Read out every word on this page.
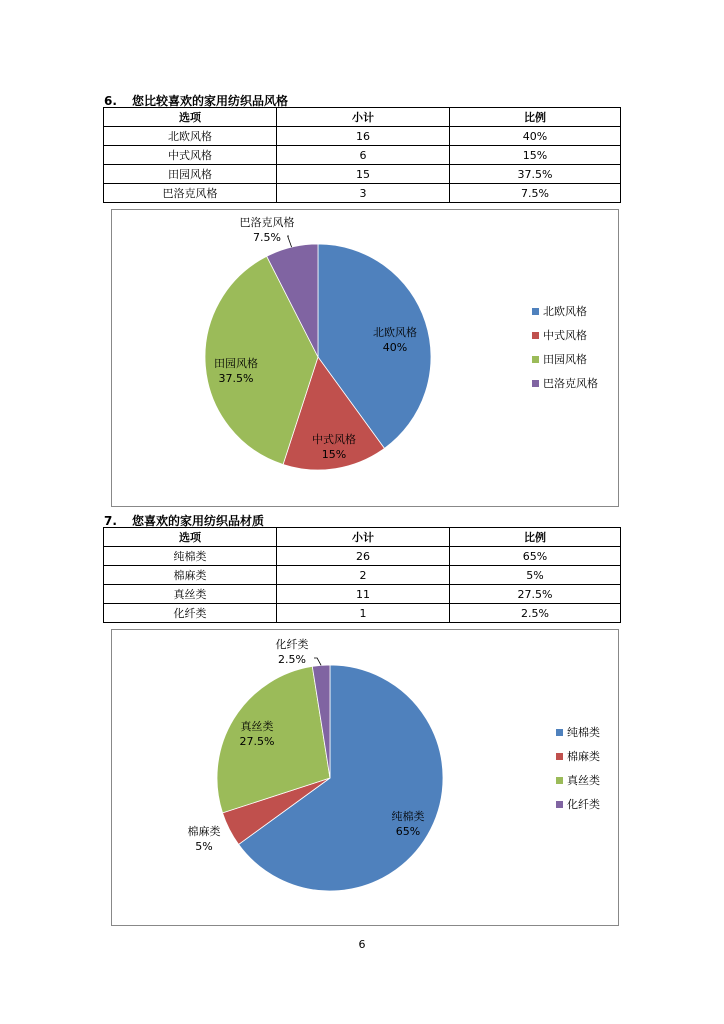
6. 您比较喜欢的家用纺织品风格
选项	小计	比例
北欧风格	16	40%
中式风格	6	15%
田园风格	15	37.5%
巴洛克风格	3	7.5%
北欧风格
40%
北欧风格
中式风格
15%
中式风格
田园风格
37.5%
田园风格
巴洛克风格
7.5%
巴洛克风格
7. 您喜欢的家用纺织品材质
选项	小计	比例
纯棉类	26	65%
棉麻类	2	5%
真丝类	11	27.5%
化纤类	1	2.5%
纯棉类
65%
纯棉类
棉麻类
5%
棉麻类
真丝类
27.5%
真丝类
化纤类
2.5%
化纤类
6
